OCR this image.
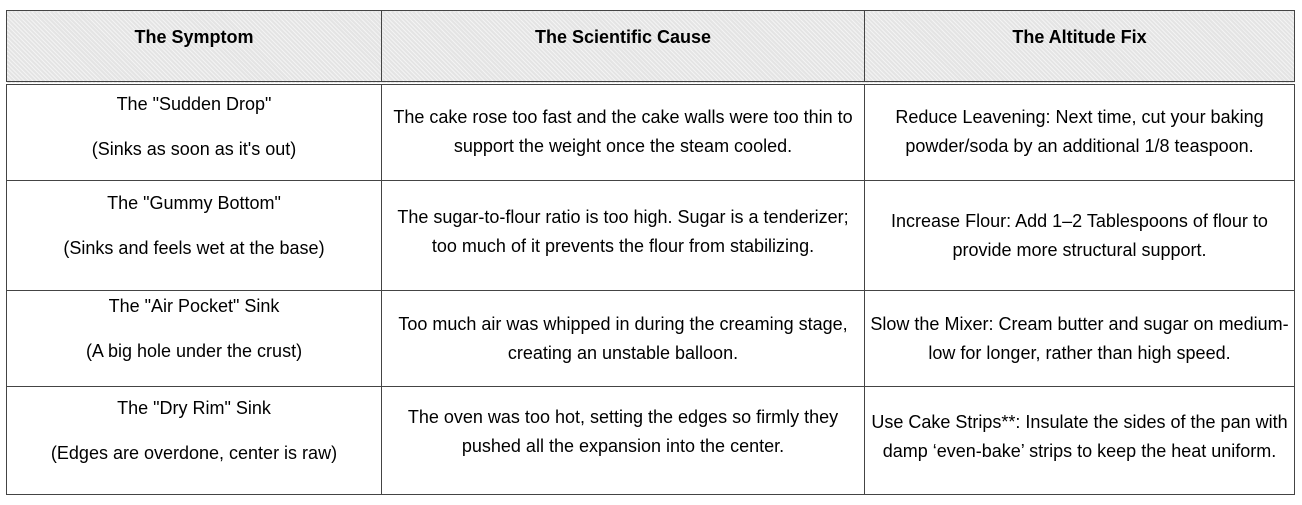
The Symptom	The Scientific Cause	The Altitude Fix

The "Sudden Drop"
(Sinks as soon as it's out)	The cake rose too fast and the cake walls were too thin to support the weight once the steam cooled.	Reduce Leavening: Next time, cut your baking powder/soda by an additional 1/8 teaspoon.

The "Gummy Bottom"
(Sinks and feels wet at the base)	The sugar-to-flour ratio is too high. Sugar is a tenderizer; too much of it prevents the flour from stabilizing.	Increase Flour: Add 1–2 Tablespoons of flour to provide more structural support.

The "Air Pocket" Sink
(A big hole under the crust)	Too much air was whipped in during the creaming stage, creating an unstable balloon.	Slow the Mixer: Cream butter and sugar on medium-low for longer, rather than high speed.

The "Dry Rim" Sink
(Edges are overdone, center is raw)	The oven was too hot, setting the edges so firmly they pushed all the expansion into the center.	Use Cake Strips**: Insulate the sides of the pan with damp ‘even-bake’ strips to keep the heat uniform.
